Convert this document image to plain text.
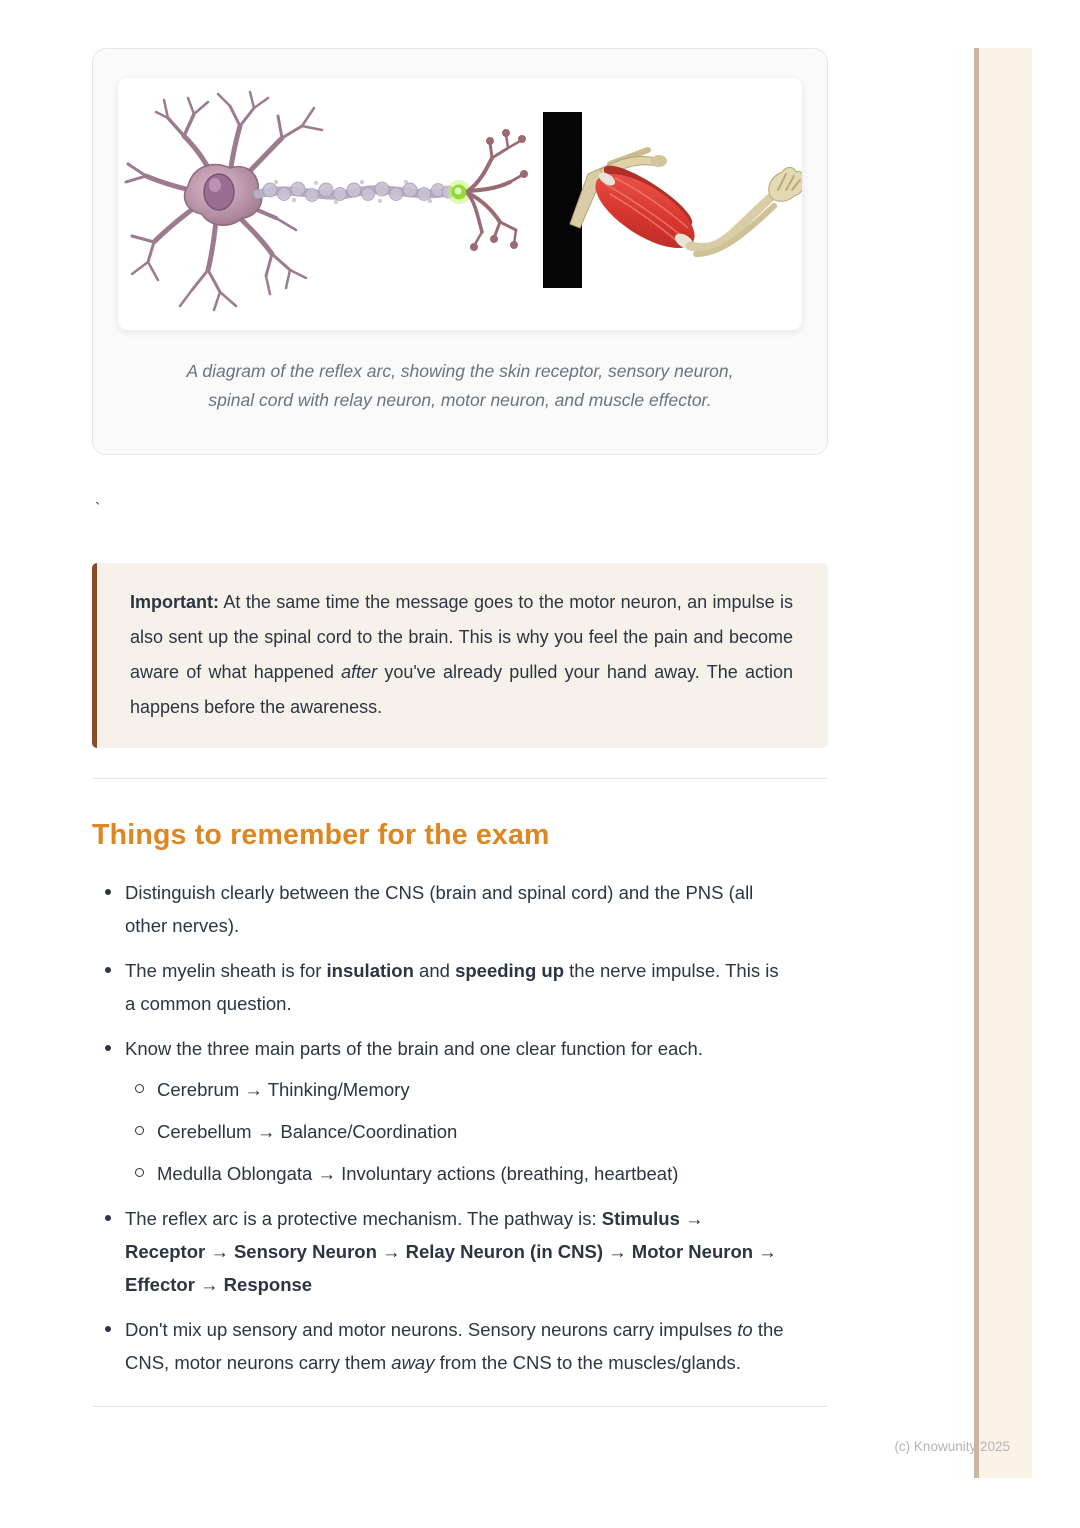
(c) Knowunity 2025

A diagram of the reflex arc, showing the skin receptor, sensory neuron,
spinal cord with relay neuron, motor neuron, and muscle effector.

`

Important: At the same time the message goes to the motor neuron, an impulse is also sent up the spinal cord to the brain. This is why you feel the pain and become aware of what happened after you've already pulled your hand away. The action happens before the awareness.

Things to remember for the exam
Distinguish clearly between the CNS (brain and spinal cord) and the PNS (all other nerves).
The myelin sheath is for insulation and speeding up the nerve impulse. This is a common question.
Know the three main parts of the brain and one clear function for each.
Cerebrum → Thinking/Memory
Cerebellum → Balance/Coordination
Medulla Oblongata → Involuntary actions (breathing, heartbeat)
The reflex arc is a protective mechanism. The pathway is: Stimulus → Receptor → Sensory Neuron → Relay Neuron (in CNS) → Motor Neuron → Effector → Response
Don't mix up sensory and motor neurons. Sensory neurons carry impulses to the CNS, motor neurons carry them away from the CNS to the muscles/glands.
